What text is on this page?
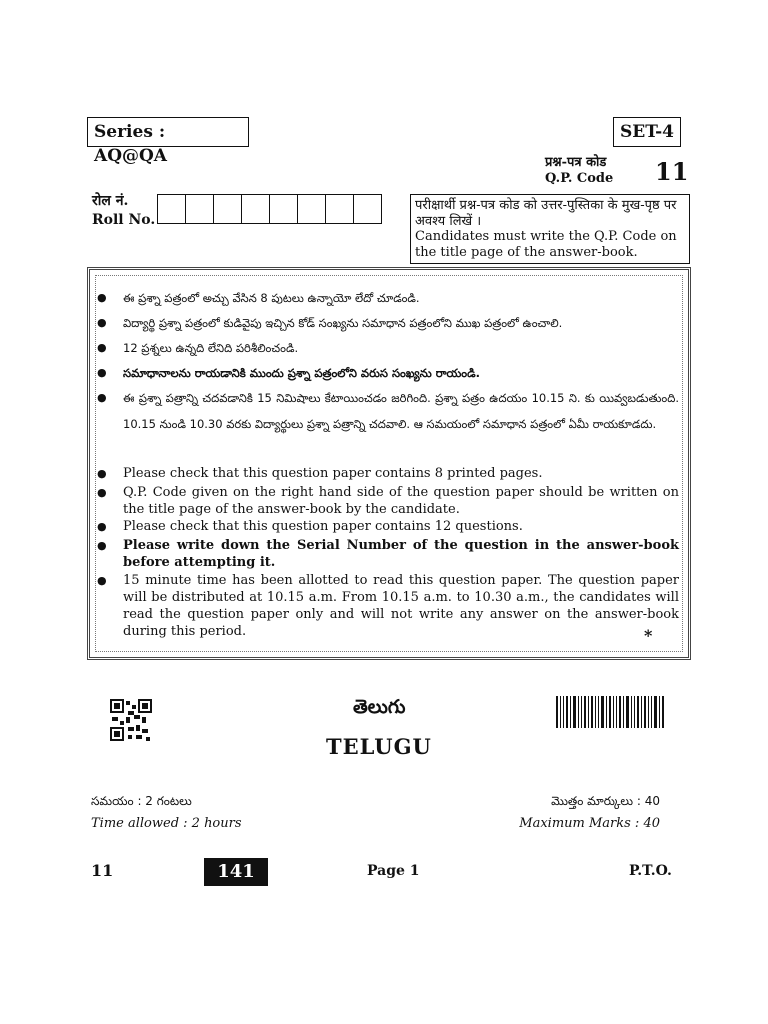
Series : AQ@QA
SET-4
प्रश्न-पत्र कोड
Q.P. Code 11
रोल नं.
Roll No.
परीक्षार्थी प्रश्न-पत्र कोड को उत्तर-पुस्तिका के मुख-पृष्ठ पर अवश्य लिखें ।
Candidates must write the Q.P. Code on the title page of the answer-book.
● ఈ ప్రశ్నా పత్రంలో అచ్చు వేసిన 8 పుటలు ఉన్నాయో లేదో చూడండి.
● విద్యార్థి ప్రశ్నా పత్రంలో కుడివైపు ఇచ్చిన కోడ్ సంఖ్యను సమాధాన పత్రంలోని ముఖ పత్రంలో ఉంచాలి.
● 12 ప్రశ్నలు ఉన్నది లేనిది పరిశీలించండి.
● సమాధానాలను రాయడానికి ముందు ప్రశ్నా పత్రంలోని వరుస సంఖ్యను రాయండి.
● ఈ ప్రశ్నా పత్రాన్ని చదవడానికి 15 నిమిషాలు కేటాయించడం జరిగింది. ప్రశ్నా పత్రం ఉదయం 10.15 ని. కు యివ్వబడుతుంది. 10.15 నుండి 10.30 వరకు విద్యార్థులు ప్రశ్నా పత్రాన్ని చదవాలి. ఆ సమయంలో సమాధాన పత్రంలో ఏమీ రాయకూడదు.
● Please check that this question paper contains 8 printed pages.
● Q.P. Code given on the right hand side of the question paper should be written on the title page of the answer-book by the candidate.
● Please check that this question paper contains 12 questions.
● Please write down the Serial Number of the question in the answer-book before attempting it.
● 15 minute time has been allotted to read this question paper. The question paper will be distributed at 10.15 a.m. From 10.15 a.m. to 10.30 a.m., the candidates will read the question paper only and will not write any answer on the answer-book during this period.	*
తెలుగు
TELUGU
సమయం : 2 గంటలు
Time allowed : 2 hours
మొత్తం మార్కులు : 40
Maximum Marks : 40
11	141	Page 1	P.T.O.
